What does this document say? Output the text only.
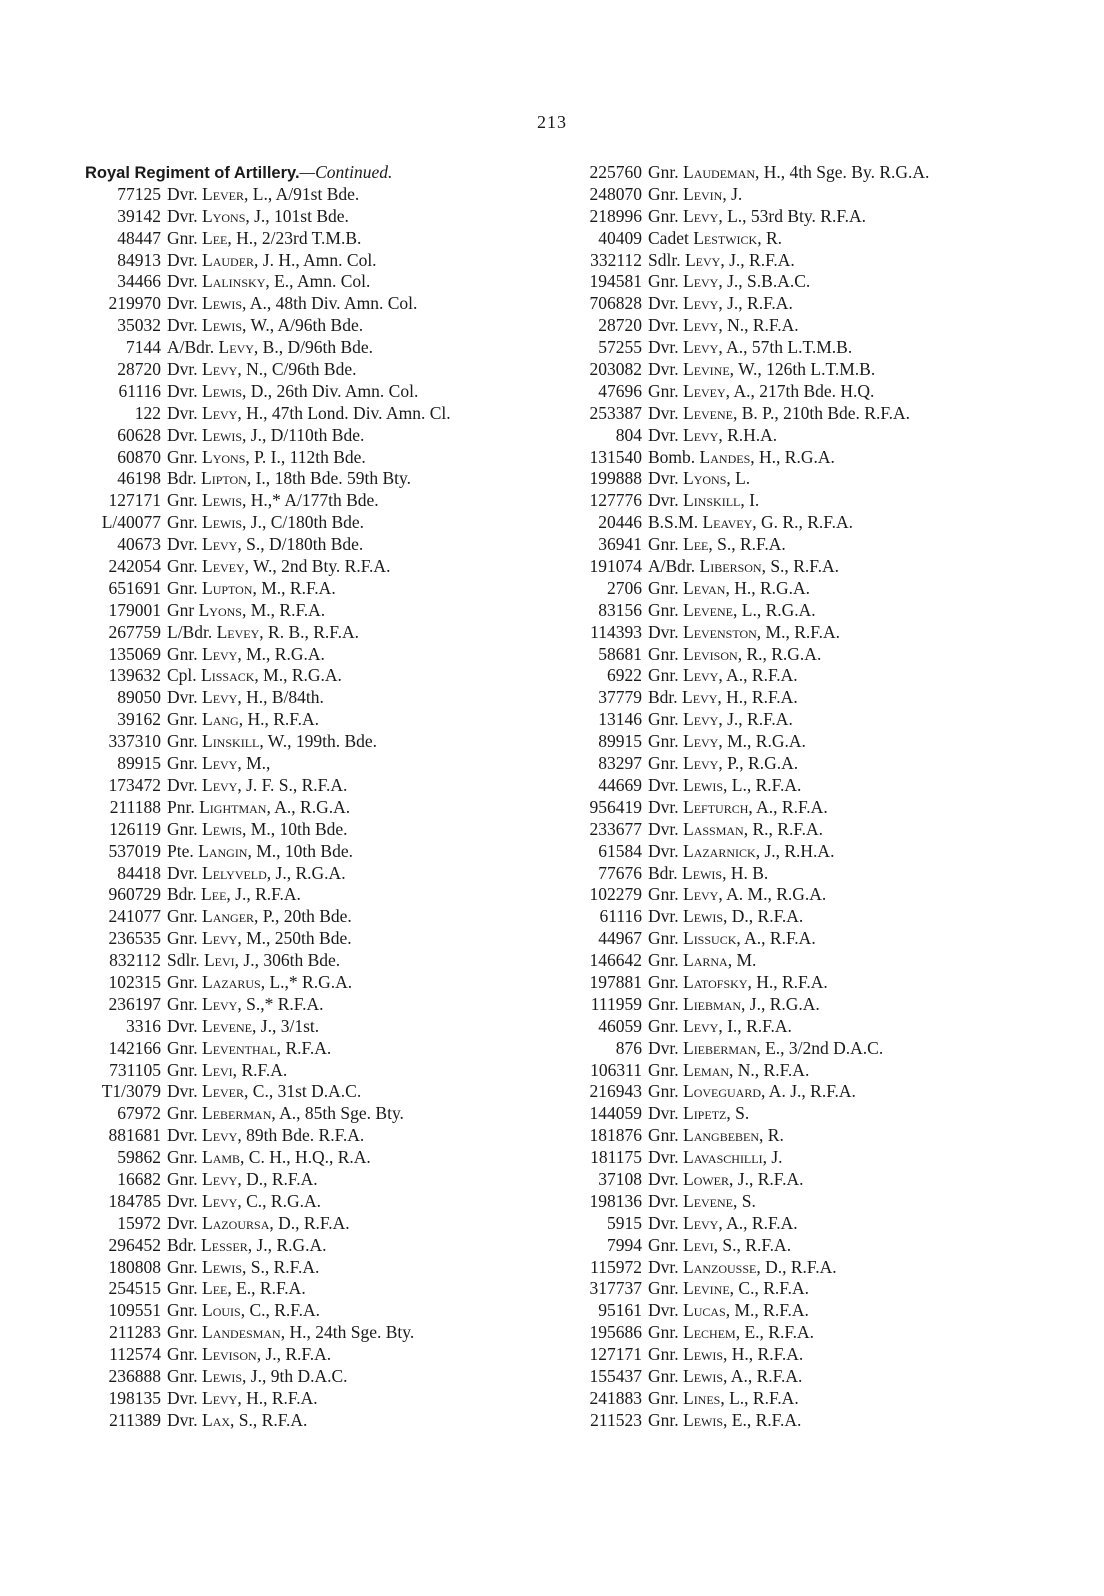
213
Royal Regiment of Artillery.—Continued.
77125 Dvr. Lever, L., A/91st Bde.
39142 Dvr. Lyons, J., 101st Bde.
48447 Gnr. Lee, H., 2/23rd T.M.B.
84913 Dvr. Lauder, J. H., Amn. Col.
34466 Dvr. Lalinsky, E., Amn. Col.
219970 Dvr. Lewis, A., 48th Div. Amn. Col.
35032 Dvr. Lewis, W., A/96th Bde.
7144 A/Bdr. Levy, B., D/96th Bde.
28720 Dvr. Levy, N., C/96th Bde.
61116 Dvr. Lewis, D., 26th Div. Amn. Col.
122 Dvr. Levy, H., 47th Lond. Div. Amn. Cl.
60628 Dvr. Lewis, J., D/110th Bde.
60870 Gnr. Lyons, P. I., 112th Bde.
46198 Bdr. Lipton, I., 18th Bde. 59th Bty.
127171 Gnr. Lewis, H.,* A/177th Bde.
L/40077 Gnr. Lewis, J., C/180th Bde.
40673 Dvr. Levy, S., D/180th Bde.
242054 Gnr. Levey, W., 2nd Bty. R.F.A.
651691 Gnr. Lupton, M., R.F.A.
179001 Gnr Lyons, M., R.F.A.
267759 L/Bdr. Levey, R. B., R.F.A.
135069 Gnr. Levy, M., R.G.A.
139632 Cpl. Lissack, M., R.G.A.
89050 Dvr. Levy, H., B/84th.
39162 Gnr. Lang, H., R.F.A.
337310 Gnr. Linskill, W., 199th. Bde.
89915 Gnr. Levy, M.,
173472 Dvr. Levy, J. F. S., R.F.A.
211188 Pnr. Lightman, A., R.G.A.
126119 Gnr. Lewis, M., 10th Bde.
537019 Pte. Langin, M., 10th Bde.
84418 Dvr. Lelyveld, J., R.G.A.
960729 Bdr. Lee, J., R.F.A.
241077 Gnr. Langer, P., 20th Bde.
236535 Gnr. Levy, M., 250th Bde.
832112 Sdlr. Levi, J., 306th Bde.
102315 Gnr. Lazarus, L.,* R.G.A.
236197 Gnr. Levy, S.,* R.F.A.
3316 Dvr. Levene, J., 3/1st.
142166 Gnr. Leventhal, R.F.A.
731105 Gnr. Levi, R.F.A.
T1/3079 Dvr. Lever, C., 31st D.A.C.
67972 Gnr. Leberman, A., 85th Sge. Bty.
881681 Dvr. Levy, 89th Bde. R.F.A.
59862 Gnr. Lamb, C. H., H.Q., R.A.
16682 Gnr. Levy, D., R.F.A.
184785 Dvr. Levy, C., R.G.A.
15972 Dvr. Lazoursa, D., R.F.A.
296452 Bdr. Lesser, J., R.G.A.
180808 Gnr. Lewis, S., R.F.A.
254515 Gnr. Lee, E., R.F.A.
109551 Gnr. Louis, C., R.F.A.
211283 Gnr. Landesman, H., 24th Sge. Bty.
112574 Gnr. Levison, J., R.F.A.
236888 Gnr. Lewis, J., 9th D.A.C.
198135 Dvr. Levy, H., R.F.A.
211389 Dvr. Lax, S., R.F.A.
225760 Gnr. Laudeman, H., 4th Sge. By. R.G.A.
248070 Gnr. Levin, J.
218996 Gnr. Levy, L., 53rd Bty. R.F.A.
40409 Cadet Lestwick, R.
332112 Sdlr. Levy, J., R.F.A.
194581 Gnr. Levy, J., S.B.A.C.
706828 Dvr. Levy, J., R.F.A.
28720 Dvr. Levy, N., R.F.A.
57255 Dvr. Levy, A., 57th L.T.M.B.
203082 Dvr. Levine, W., 126th L.T.M.B.
47696 Gnr. Levey, A., 217th Bde. H.Q.
253387 Dvr. Levene, B. P., 210th Bde. R.F.A.
804 Dvr. Levy, R.H.A.
131540 Bomb. Landes, H., R.G.A.
199888 Dvr. Lyons, L.
127776 Dvr. Linskill, I.
20446 B.S.M. Leavey, G. R., R.F.A.
36941 Gnr. Lee, S., R.F.A.
191074 A/Bdr. Liberson, S., R.F.A.
2706 Gnr. Levan, H., R.G.A.
83156 Gnr. Levene, L., R.G.A.
114393 Dvr. Levenston, M., R.F.A.
58681 Gnr. Levison, R., R.G.A.
6922 Gnr. Levy, A., R.F.A.
37779 Bdr. Levy, H., R.F.A.
13146 Gnr. Levy, J., R.F.A.
89915 Gnr. Levy, M., R.G.A.
83297 Gnr. Levy, P., R.G.A.
44669 Dvr. Lewis, L., R.F.A.
956419 Dvr. Lefturch, A., R.F.A.
233677 Dvr. Lassman, R., R.F.A.
61584 Dvr. Lazarnick, J., R.H.A.
77676 Bdr. Lewis, H. B.
102279 Gnr. Levy, A. M., R.G.A.
61116 Dvr. Lewis, D., R.F.A.
44967 Gnr. Lissuck, A., R.F.A.
146642 Gnr. Larna, M.
197881 Gnr. Latofsky, H., R.F.A.
111959 Gnr. Liebman, J., R.G.A.
46059 Gnr. Levy, I., R.F.A.
876 Dvr. Lieberman, E., 3/2nd D.A.C.
106311 Gnr. Leman, N., R.F.A.
216943 Gnr. Loveguard, A. J., R.F.A.
144059 Dvr. Lipetz, S.
181876 Gnr. Langbeben, R.
181175 Dvr. Lavaschilli, J.
37108 Dvr. Lower, J., R.F.A.
198136 Dvr. Levene, S.
5915 Dvr. Levy, A., R.F.A.
7994 Gnr. Levi, S., R.F.A.
115972 Dvr. Lanzousse, D., R.F.A.
317737 Gnr. Levine, C., R.F.A.
95161 Dvr. Lucas, M., R.F.A.
195686 Gnr. Lechem, E., R.F.A.
127171 Gnr. Lewis, H., R.F.A.
155437 Gnr. Lewis, A., R.F.A.
241883 Gnr. Lines, L., R.F.A.
211523 Gnr. Lewis, E., R.F.A.
